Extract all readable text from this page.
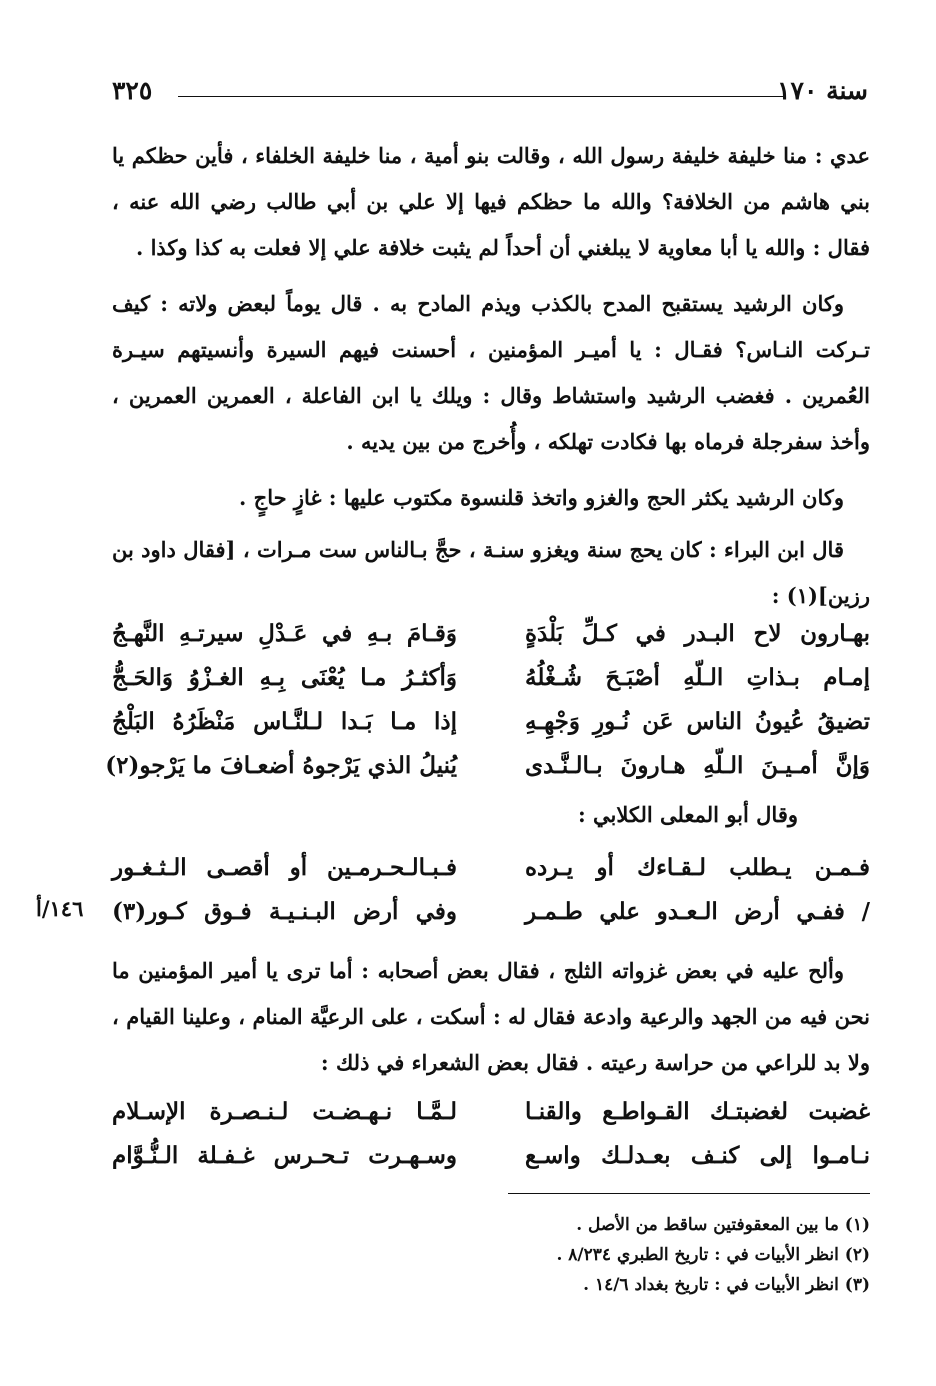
سنة ١٧٠
٣٢٥

عدي : منا خليفة خليفة رسول الله ، وقالت بنو أمية ، منا خليفة الخلفاء ، فأين حظكم يا بني هاشم من الخلافة؟ والله ما حظكم فيها إلا علي بن أبي طالب رضي الله عنه ، فقال : والله يا أبا معاوية لا يبلغني أن أحداً لم يثبت خلافة علي إلا فعلت به كذا وكذا .

وكان الرشيد يستقبح المدح بالكذب ويذم المادح به . قال يوماً لبعض ولاته : كيف تـركت النـاس؟ فقـال : يا أميـر المؤمنين ، أحسنت فيهم السيرة وأنسيتهم سيـرة العُمرين . فغضب الرشيد واستشاط وقال : ويلك يا ابن الفاعلة ، العمرين العمرين ، وأخذ سفرجلة فرماه بها فكادت تهلكه ، وأُخرج من بين يديه .

وكان الرشيد يكثر الحج والغزو واتخذ قلنسوة مكتوب عليها : غازٍ حاجٍ .

قال ابن البراء : كان يحج سنة ويغزو سنـة ، حجَّ بـالناس ست مـرات ، [فقال داود بن رزين](١) :

بهـارون لاح البـدر في كـلِّ بَلْدَةٍ
وَقـامَ بـهِ في عَـدْلِ سيرتـهِ النَّهـجُ
إمـام بـذاتِ الـلّهِ أصْبَـحَ شُـغْلُهُ
وَأكثـرُ مـا يُعْنَى بِـهِ الغـزْوُ وَالحَـجُّ
تضيقُ عُيونُ الناس عَن نُـورِ وَجْهِـهِ
إذا مـا بَـدا لـلنَّـاس مَنْظَرُهُ البَلْجُ
وَإنَّ أمـيـنَ الـلّهِ هـارونَ بـالـنَّـدى
يُنيلُ الذي يَرْجوهُ أضعـافَ ما يَرْجو(٢)

وقال أبو المعلى الكلابي :

فـمـن يـطلب لـقـاءك أو يـرده
فـبـالـحـرمـين أو أقصـى الـثـغـور
/ ففـي أرض الـعـدو علي طـمـر
وفي أرض البـنـيـة فـوق كـور(٣)
١٤٦/أ

وألح عليه في بعض غزواته الثلج ، فقال بعض أصحابه : أما ترى يا أمير المؤمنين ما نحن فيه من الجهد والرعية وادعة فقال له : أسكت ، على الرعيَّة المنام ، وعلينا القيام ، ولا بد للراعي من حراسة رعيته . فقال بعض الشعراء في ذلك :

غضبت لغضبتـك القـواطـع والقنـا
لـمَّـا نـهـضـت لـنـصـرة الإسـلام
نـامـوا إلى كنـف بعـدلـك واسـع
وسـهـرت تـحـرس غـفـلة الـنُّـوَّام
(١) ما بين المعقوفتين ساقط من الأصل .
(٢) انظر الأبيات في : تاريخ الطبري ٨/٢٣٤ .
(٣) انظر الأبيات في : تاريخ بغداد ١٤/٦ .
